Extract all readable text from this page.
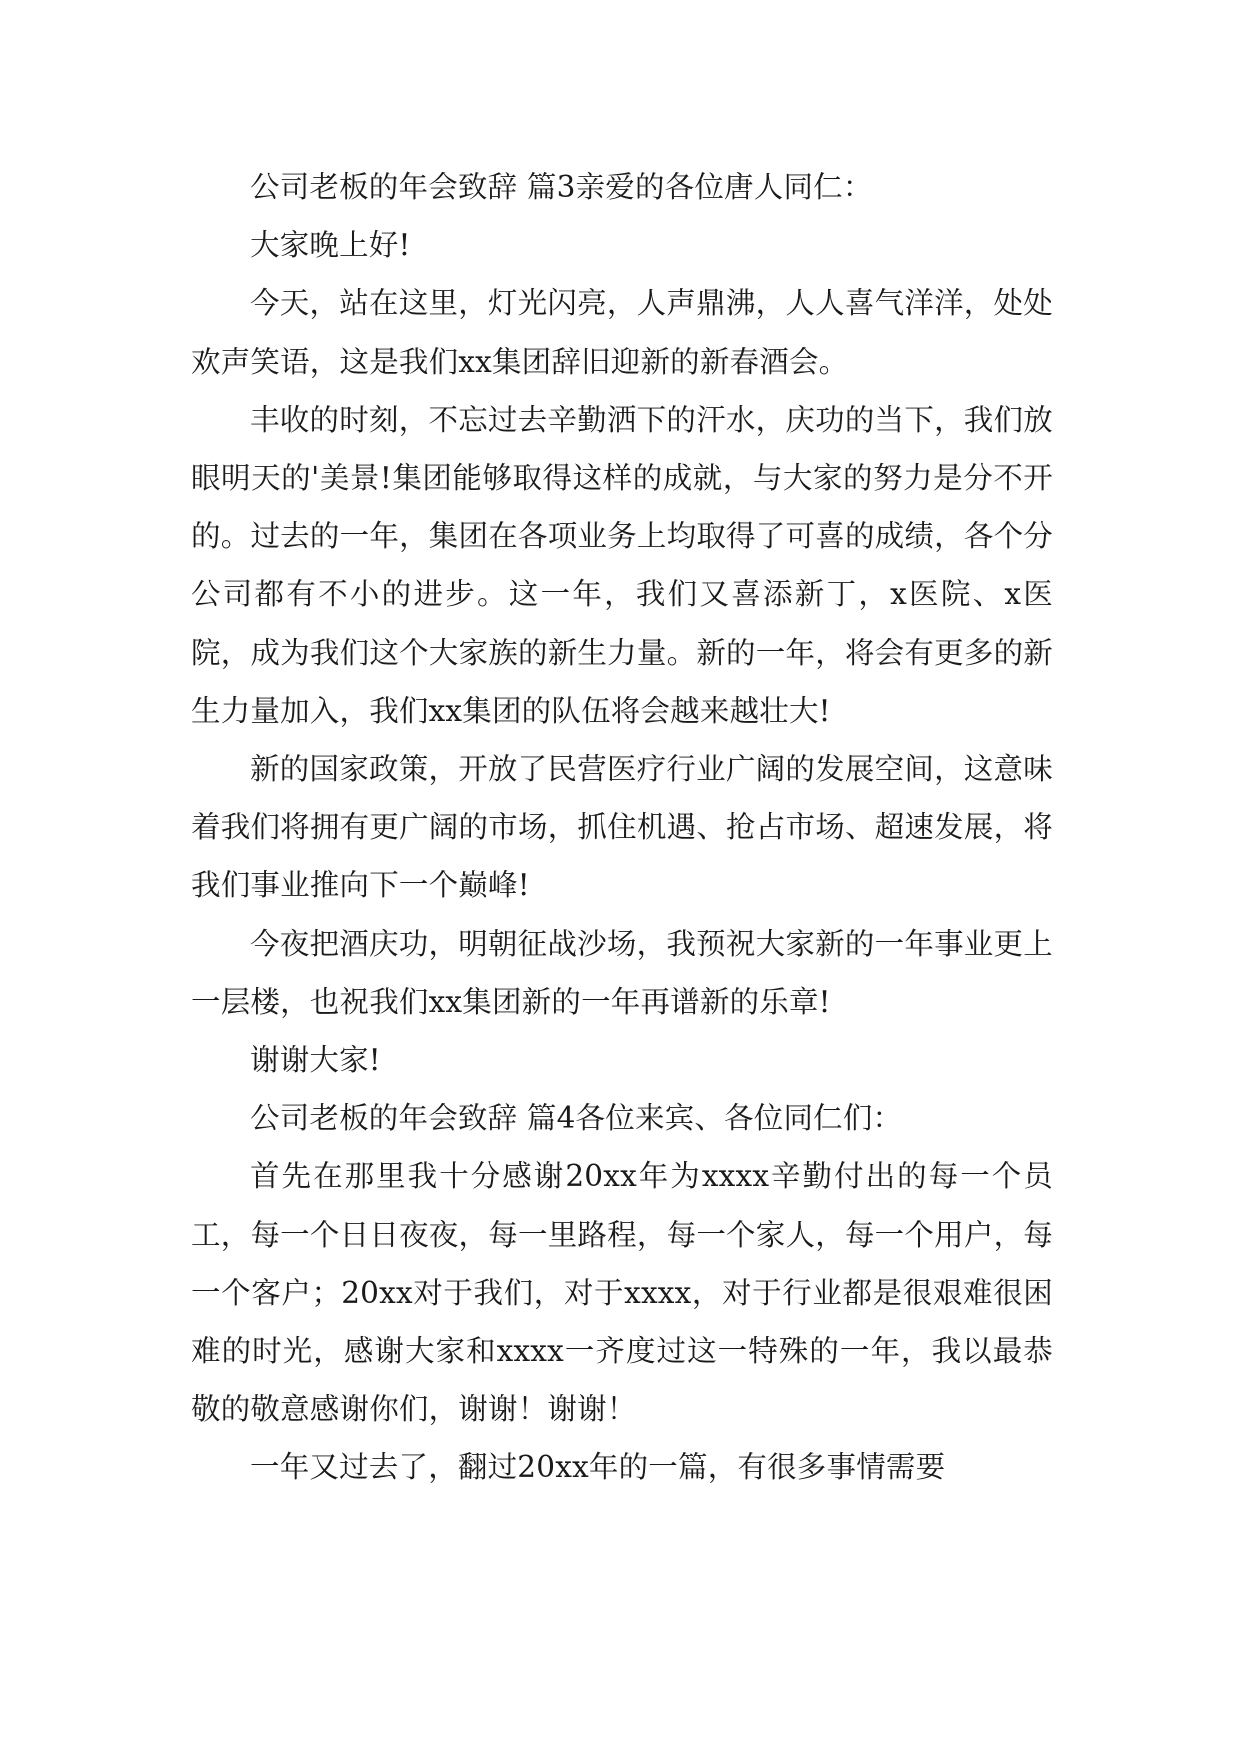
公司老板的年会致辞 篇3亲爱的各位唐人同仁：

大家晚上好!

今天，站在这里，灯光闪亮，人声鼎沸，人人喜气洋洋，处处欢声笑语，这是我们xx集团辞旧迎新的新春酒会。

丰收的时刻，不忘过去辛勤洒下的汗水，庆功的当下，我们放眼明天的'美景!集团能够取得这样的成就，与大家的努力是分不开的。过去的一年，集团在各项业务上均取得了可喜的成绩，各个分公司都有不小的进步。这一年，我们又喜添新丁，x医院、x医院，成为我们这个大家族的新生力量。新的一年，将会有更多的新生力量加入，我们xx集团的队伍将会越来越壮大!

新的国家政策，开放了民营医疗行业广阔的发展空间，这意味着我们将拥有更广阔的市场，抓住机遇、抢占市场、超速发展，将我们事业推向下一个巅峰!

今夜把酒庆功，明朝征战沙场，我预祝大家新的一年事业更上一层楼，也祝我们xx集团新的一年再谱新的乐章!

谢谢大家!

公司老板的年会致辞 篇4各位来宾、各位同仁们：

首先在那里我十分感谢20xx年为xxxx辛勤付出的每一个员工，每一个日日夜夜，每一里路程，每一个家人，每一个用户，每一个客户；20xx对于我们，对于xxxx，对于行业都是很艰难很困难的时光，感谢大家和xxxx一齐度过这一特殊的一年，我以最恭敬的敬意感谢你们，谢谢！谢谢！

一年又过去了，翻过20xx年的一篇，有很多事情需要
